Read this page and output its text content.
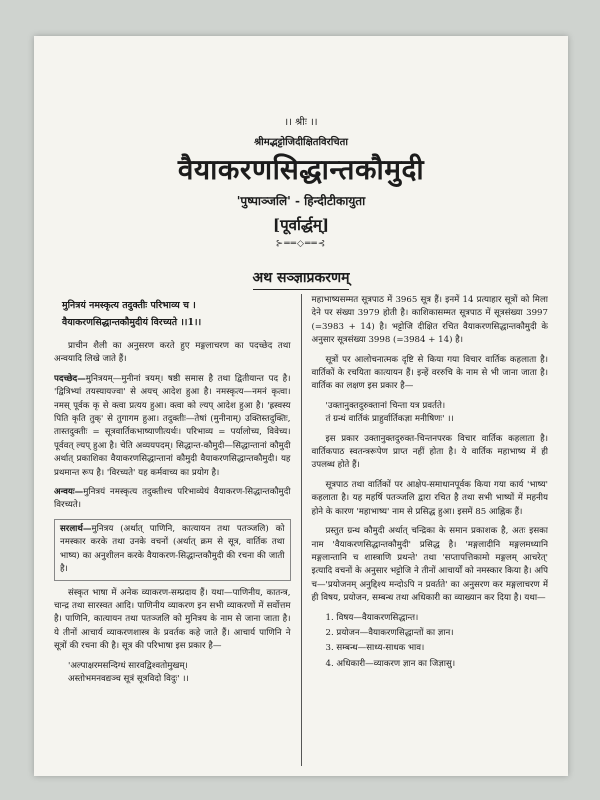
।। श्रीः ।।
श्रीमद्भट्टोजिदीक्षितविरचिता
वैयाकरणसिद्धान्तकौमुदी
'पुष्पाञ्जलि' - हिन्दीटीकायुता
[पूर्वार्द्धम्]
⊱══◇══⊰
अथ सञ्ज्ञाप्रकरणम्

मुनित्रयं नमस्कृत्य तदुक्तीः परिभाव्य च ।

वैयाकरणसिद्धान्तकौमुदीयं विरच्यते ।।1।।

प्राचीन शैली का अनुसरण करते हुए मङ्गलाचरण का पदच्छेद तथा अन्वयादि लिखे जाते हैं।

पदच्छेद—मुनित्रयम्—मुनीनां त्रयम्। षष्ठी समास है तथा द्वितीयान्त पद है। 'द्वित्रिभ्यां तयस्यायज्वा' से अयच् आदेश हुआ है। नमस्कृत्य—नमनं कृत्वा। नमस् पूर्वक कृ से क्त्वा प्रत्यय हुआ। क्त्वा को ल्यप् आदेश हुआ है। 'ह्रस्वस्य पिति कृति तुक्' से तुगागम हुआ। तदुक्तीः—तेषां (मुनीनाम्) उक्तिस्तदुक्तिः, तास्तदुक्तीः = सूत्रवार्तिकभाष्याणीत्यर्थः। परिभाव्य = पर्यालोच्य, विवेच्य। पूर्ववत् ल्यप् हुआ है। चेति अव्ययपदम्। सिद्धान्त-कौमुदी—सिद्धान्तानां कौमुदी अर्थात् प्रकाशिका वैयाकरणसिद्धान्तानां कौमुदी वैयाकरणसिद्धान्तकौमुदी। यह प्रथमान्त रूप है। 'विरच्यते' यह कर्मवाच्य का प्रयोग है।

अन्वयः—मुनित्रयं नमस्कृत्य तदुक्तीश्च परिभाव्येयं वैयाकरण-सिद्धान्तकौमुदी विरच्यते।

सरलार्थ—मुनित्रय (अर्थात् पाणिनि, कात्यायन तथा पतञ्जलि) को नमस्कार करके तथा उनके वचनों (अर्थात् क्रम से सूत्र, वार्तिक तथा भाष्य) का अनुशीलन करके वैयाकरण-सिद्धान्तकौमुदी की रचना की जाती है।

संस्कृत भाषा में अनेक व्याकरण-सम्प्रदाय हैं। यथा—पाणिनीय, कातन्त्र, चान्द्र तथा सारस्वत आदि। पाणिनीय व्याकरण इन सभी व्याकरणों में सर्वोत्तम है। पाणिनि, कात्यायन तथा पतञ्जलि को मुनित्रय के नाम से जाना जाता है। ये तीनों आचार्य व्याकरणशास्त्र के प्रवर्तक कहे जाते हैं। आचार्य पाणिनि ने सूत्रों की रचना की है। सूत्र की परिभाषा इस प्रकार है—

'अल्पाक्षरमसन्दिग्धं सारवद्विश्वतोमुखम्।

अस्तोभमनवद्यञ्च सूत्रं सूत्रविदो विदुः' ।।

महाभाष्यसम्मत सूत्रपाठ में 3965 सूत्र हैं। इनमें 14 प्रत्याहार सूत्रों को मिला देने पर संख्या 3979 होती है। काशिकासम्मत सूत्रपाठ में सूत्रसंख्या 3997 (=3983 + 14) है। भट्टोजि दीक्षित रचित वैयाकरणसिद्धान्तकौमुदी के अनुसार सूत्रसंख्या 3998 (=3984 + 14) है।

सूत्रों पर आलोचनात्मक दृष्टि से किया गया विचार वार्तिक कहलाता है। वार्तिकों के रचयिता कात्यायन हैं। इन्हें वररुचि के नाम से भी जाना जाता है। वार्तिक का लक्षण इस प्रकार है—

'उक्तानुक्तदुरुक्तानां चिन्ता यत्र प्रवर्तते।

तं ग्रन्थं वार्तिकं प्राहुर्वार्तिकज्ञा मनीषिणः' ।।

इस प्रकार उक्तानुक्तदुरुक्त-चिन्तनपरक विचार वार्तिक कहलाता है। वार्तिकपाठ स्वतन्त्ररूपेण प्राप्त नहीं होता है। ये वार्तिक महाभाष्य में ही उपलब्ध होते हैं।

सूत्रपाठ तथा वार्तिकों पर आक्षेप-समाधानपूर्वक किया गया कार्य 'भाष्य' कहलाता है। यह महर्षि पतञ्जलि द्वारा रचित है तथा सभी भाष्यों में महनीय होने के कारण 'महाभाष्य' नाम से प्रसिद्ध हुआ। इसमें 85 आह्निक हैं।

प्रस्तुत ग्रन्थ कौमुदी अर्थात् चन्द्रिका के समान प्रकाशक है, अतः इसका नाम 'वैयाकरणसिद्धान्तकौमुदी' प्रसिद्ध है। 'मङ्गलादीनि मङ्गलमध्यानि मङ्गलान्तानि च शास्त्राणि प्रथन्ते' तथा 'सप्तापत्तिकामो मङ्गलम् आचरेत्' इत्यादि वचनों के अनुसार भट्टोजि ने तीनों आचार्यों को नमस्कार किया है। अपि च—'प्रयोजनम् अनुद्दिश्य मन्दोऽपि न प्रवर्तते' का अनुसरण कर मङ्गलाचरण में ही विषय, प्रयोजन, सम्बन्ध तथा अधिकारी का व्याख्यान कर दिया है। यथा—

1. विषय—वैयाकरणसिद्धान्त।
2. प्रयोजन—वैयाकरणसिद्धान्तों का ज्ञान।
3. सम्बन्ध—साध्य-साधक भाव।
4. अधिकारी—व्याकरण ज्ञान का जिज्ञासु।
